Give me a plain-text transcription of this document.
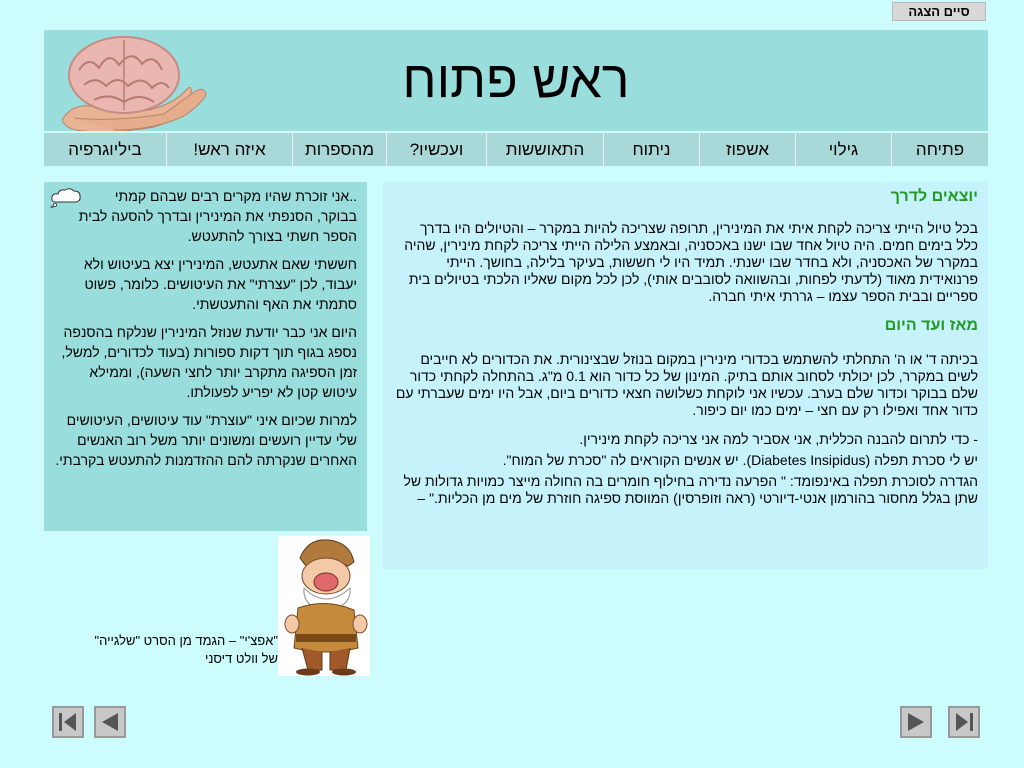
סיים הצגה
ראש פתוח
פתיחה
גילוי
אשפוז
ניתוח
התאוששות
ועכשיו?
מהספרות
איזה ראש!
ביליוגרפיה

..אני זוכרת שהיו מקרים רבים שבהם קמתי בבוקר, הסנפתי את המינירין ובדרך להסעה לבית הספר חשתי בצורך להתעטש.

חששתי שאם אתעטש, המינירין יצא בעיטוש ולא יעבוד, לכן "עצרתי" את העיטושים. כלומר, פשוט סתמתי את האף והתעטשתי.

היום אני כבר יודעת שנוזל המינירין שנלקח בהסנפה נספג בגוף תוך דקות ספורות (בעוד לכדורים, למשל, זמן הספיגה מתקרב יותר לחצי השעה), וממילא עיטוש קטן לא יפריע לפעולתו.

למרות שכיום איני "עוצרת" עוד עיטושים, העיטושים שלי עדיין רועשים ומשונים יותר משל רוב האנשים האחרים שנקרתה להם ההזדמנות להתעטש בקרבתי.

יוצאים לדרך

בכל טיול הייתי צריכה לקחת איתי את המינירין, תרופה שצריכה להיות במקרר – והטיולים היו בדרך כלל בימים חמים. היה טיול אחד שבו ישנו באכסניה, ובאמצע הלילה הייתי צריכה לקחת מינירין, שהיה במקרר של האכסניה, ולא בחדר שבו ישנתי. תמיד היו לי חששות, בעיקר בלילה, בחושך. הייתי פרנואידית מאוד (לדעתי לפחות, ובהשוואה לסובבים אותי), לכן לכל מקום שאליו הלכתי בטיולים בית ספריים ובבית הספר עצמו – גררתי איתי חברה.

מאז ועד היום

בכיתה ד' או ה' התחלתי להשתמש בכדורי מינירין במקום בנוזל שבצינורית. את הכדורים לא חייבים לשים במקרר, לכן יכולתי לסחוב אותם בתיק. המינון של כל כדור הוא 0.1 מ"ג. בהתחלה לקחתי כדור שלם בבוקר וכדור שלם בערב. עכשיו אני לוקחת כשלושה חצאי כדורים ביום, אבל היו ימים שעברתי עם כדור אחד ואפילו רק עם חצי – ימים כמו יום כיפור.

- כדי לתרום להבנה הכללית, אני אסביר למה אני צריכה לקחת מינירין.

יש לי סכרת תפלה (Diabetes Insipidus). יש אנשים הקוראים לה "סכרת של המוח".

הגדרה לסוכרת תפלה באינפומד: " הפרעה נדירה בחילוף חומרים בה החולה מייצר כמויות גדולות של שתן בגלל מחסור בהורמון אנטי-דיורטי (ראה וזופרסין) המווסת ספיגה חוזרת של מים מן הכליות." –

"אפצ'י" – הגמד מן הסרט "שלגייה"
של וולט דיסני
